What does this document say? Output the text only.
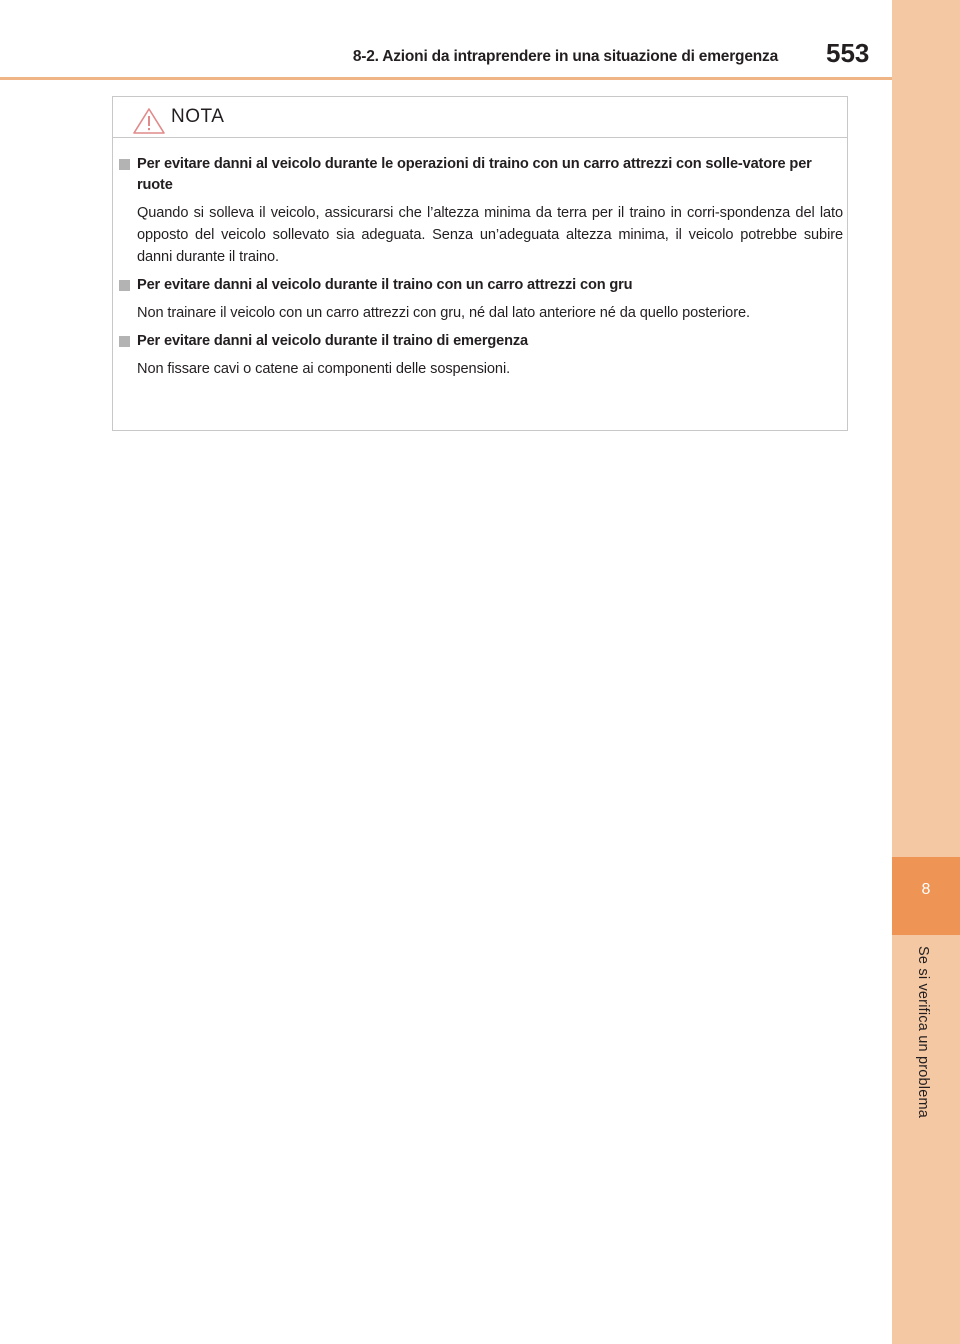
8-2. Azioni da intraprendere in una situazione di emergenza 553
8
Se si verifica un problema
NOTA
Per evitare danni al veicolo durante le operazioni di traino con un carro attrezzi con solle-vatore per ruote
Quando si solleva il veicolo, assicurarsi che l’altezza minima da terra per il traino in corri-spondenza del lato opposto del veicolo sollevato sia adeguata. Senza un’adeguata altezza minima, il veicolo potrebbe subire danni durante il traino.
Per evitare danni al veicolo durante il traino con un carro attrezzi con gru
Non trainare il veicolo con un carro attrezzi con gru, né dal lato anteriore né da quello posteriore.
Per evitare danni al veicolo durante il traino di emergenza
Non fissare cavi o catene ai componenti delle sospensioni.
